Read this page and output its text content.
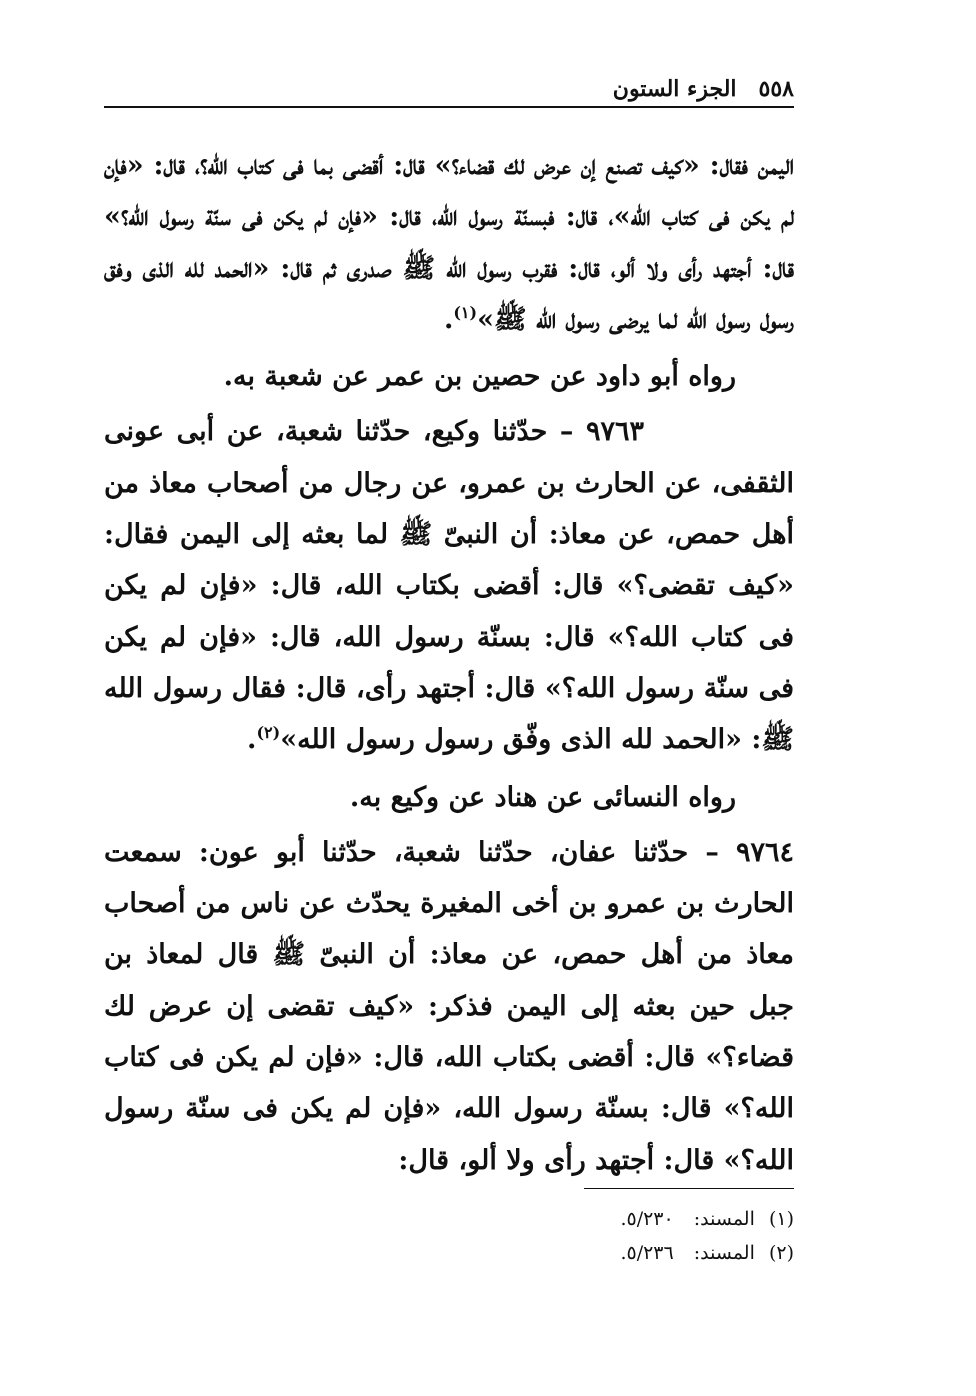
٥٥٨
الجزء الستون

اليمن فقال: «كيف تصنع إن عرض لك قضاء؟» قال: أقضى بما فى كتاب الله؟، قال: «فإن لم يكن فى كتاب الله»، قال: فبسنّة رسول الله، قال: «فإن لم يكن فى سنّة رسول الله؟» قال: أجتهد رأى ولا ألو، قال: فقرب رسول الله ﷺ صدرى ثم قال: «الحمد لله الذى وفق رسول رسول الله لما يرضى رسول الله ﷺ»$^{(١)}$.

رواه أبو داود عن حصين بن عمر عن شعبة به.

٩٧٦٣ – حدّثنا وكيع، حدّثنا شعبة، عن أبى عونى الثقفى، عن الحارث بن عمرو، عن رجال من أصحاب معاذ من أهل حمص، عن معاذ: أن النبىّ ﷺ لما بعثه إلى اليمن فقال: «كيف تقضى؟» قال: أقضى بكتاب الله، قال: «فإن لم يكن فى كتاب الله؟» قال: بسنّة رسول الله، قال: «فإن لم يكن فى سنّة رسول الله؟» قال: أجتهد رأى، قال: فقال رسول الله ﷺ: «الحمد لله الذى وفّق رسول رسول الله»$^{(٢)}$.

رواه النسائى عن هناد عن وكيع به.

٩٧٦٤ – حدّثنا عفان، حدّثنا شعبة، حدّثنا أبو عون: سمعت الحارث بن عمرو بن أخى المغيرة يحدّث عن ناس من أصحاب معاذ من أهل حمص، عن معاذ: أن النبىّ ﷺ قال لمعاذ بن جبل حين بعثه إلى اليمن فذكر: «كيف تقضى إن عرض لك قضاء؟» قال: أقضى بكتاب الله، قال: «فإن لم يكن فى كتاب الله؟» قال: بسنّة رسول الله، «فإن لم يكن فى سنّة رسول الله؟» قال: أجتهد رأى ولا ألو، قال:

(١) المسند: ٥/٢٣٠.
(٢) المسند: ٥/٢٣٦.
